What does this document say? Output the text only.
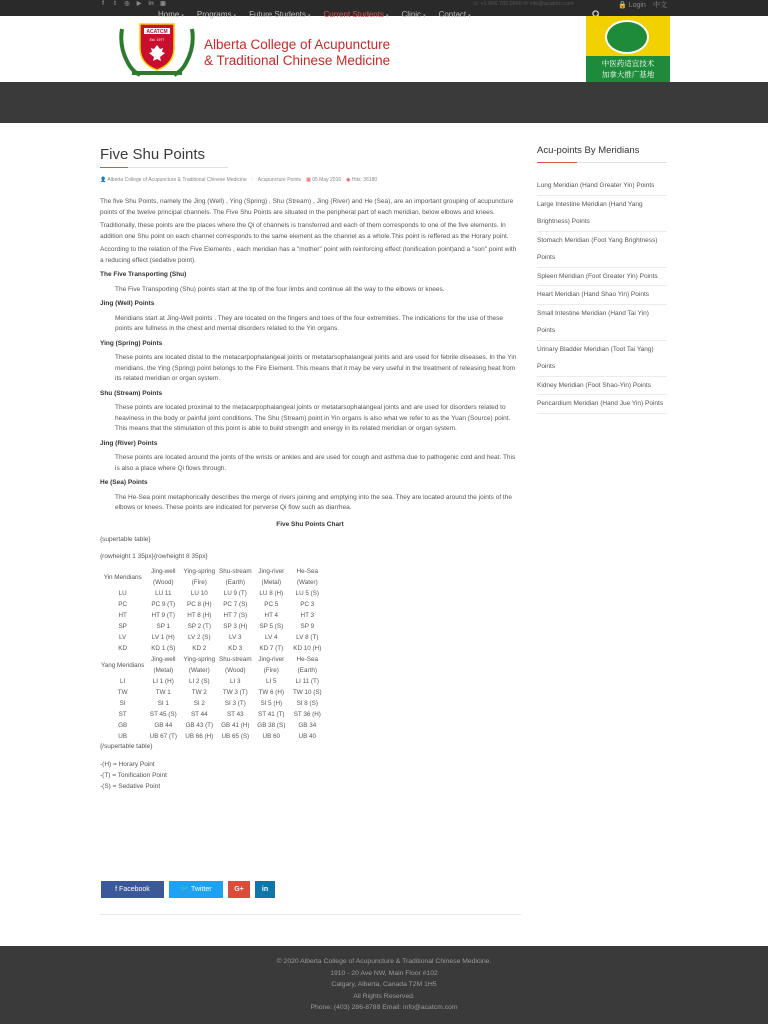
f	t	◎ ▶ in ▣	☏ +1 866 789 0900 ✉ info@acatcm.com	🔒 Login 中文
Home ▾ Programs ▾ Future Students ▾ Current Students ▾ Clinic ▾ Contact ▾
ACATCM
Est. 1977	Alberta College of Acupuncture
& Traditional Chinese Medicine	中医药适宜技术
加拿大推广基地
Five Shu Points
👤 Alberta College of Acupuncture & Traditional Chinese Medicine 🗀 Acupuncture Points ▦ 05 May 2016 ◉ Hits: 36180

The five Shu Points, namely the Jing (Well) , Ying (Spring) , Shu (Stream) , Jing (River) and He (Sea), are an important grouping of acupuncture points of the twelve principal channels. The Five Shu Points are situated in the peripheral part of each meridian, below elbows and knees.

Traditionally, these points are the places where the Qi of channels is transferred and each of them corresponds to one of the five elements. In addition one Shu point on each channel corresponds to the same element as the channel as a whole.This point is reffered as the Horary point.

According to the relation of the Five Elements , each meridian has a "mother" point with reinforcing effect (tonification point)and a "son" point with a reducing effect (sedative point).

The Five Transporting (Shu)

The Five Transporting (Shu) points start at the tip of the four limbs and continue all the way to the elbows or knees.

Jing (Well) Points

Meridians start at Jing-Well points . They are located on the fingers and toes of the four extremities. The indications for the use of these points are fullness in the chest and mental disorders related to the Yin organs.

Ying (Spring) Points

These points are located distal to the metacarpophalangeal joints or metatarsophalangeal joints and are used for febrile diseases. In the Yin meridians, the Ying (Spring) point belongs to the Fire Element. This means that it may be very useful in the treatment of releasing heat from its related meridian or organ system.

Shu (Stream) Points

These points are located proximal to the metacarpophalangeal joints or metatarsophalangeal joints and are used for disorders related to heaviness in the body or painful joint conditions. The Shu (Stream) point in Yin organs is also what we refer to as the Yuan (Source) point. This means that the stimulation of this point is able to build strength and energy in its related meridian or organ system.

Jing (River) Points

These points are located around the joints of the wrists or ankles and are used for cough and asthma due to pathogenic cold and heat. This is also a place where Qi flows through.

He (Sea) Points

The He-Sea point metaphorically describes the merge of rivers joining and emptying into the sea. They are located around the joints of the elbows or knees. These points are indicated for perverse Qi flow such as diarrhea.

Five Shu Points Chart
{supertable table}
{rowheight 1 35px}{rowheight 8 35px}
Yin Meridians	Jing-well (Wood)	Ying-spring (Fire)	Shu-stream (Earth)	Jing-river (Metal)	He-Sea (Water)
LU	LU 11	LU 10	LU 9 (T)	LU 8 (H)	LU 5 (S)
PC	PC 9 (T)	PC 8 (H)	PC 7 (S)	PC 5	PC 3
HT	HT 9 (T)	HT 8 (H)	HT 7 (S)	HT 4	HT 3
SP	SP 1	SP 2 (T)	SP 3 (H)	SP 5 (S)	SP 9
LV	LV 1 (H)	LV 2 (S)	LV 3	LV 4	LV 8 (T)
KD	KD 1 (S)	KD 2	KD 3	KD 7 (T)	KD 10 (H)
Yang Meridians	Jing-well (Metal)	Ying-spring (Water)	Shu-stream (Wood)	Jing-river (Fire)	He-Sea (Earth)
LI	LI 1 (H)	LI 2 (S)	LI 3	LI 5	LI 11 (T)
TW	TW 1	TW 2	TW 3 (T)	TW 6 (H)	TW 10 (S)
SI	SI 1	SI 2	SI 3 (T)	SI 5 (H)	SI 8 (S)
ST	ST 45 (S)	ST 44	ST 43	ST 41 (T)	ST 36 (H)
GB	GB 44	GB 43 (T)	GB 41 (H)	GB 38 (S)	GB 34
UB	UB 67 (T)	UB 66 (H)	UB 65 (S)	UB 60	UB 40
{/supertable table}
-(H) = Horary Point
-(T) = Tonification Point
-(S) = Sedative Point
f Facebook	🐦 Twitter	G+	in
Acu-points By Meridians
Lung Meridian (Hand Greater Yin) Points
Large Intestine Meridian (Hand Yang Brightness) Points
Stomach Meridian (Foot Yang Brightness) Points
Spleen Meridian (Foot Greater Yin) Points
Heart Meridian (Hand Shao Yin) Points
Small Intestine Meridian (Hand Tai Yin) Points
Urinary Bladder Meridian (Toot Tai Yang) Points
Kidney Meridian (Foot Shao-Yin) Points
Pericardium Meridian (Hand Jue Yin) Points
© 2020 Alberta College of Acupuncture & Traditional Chinese Medicine.
1910 - 20 Ave NW, Main Floor #102
Calgary, Alberta, Canada T2M 1H5
All Rights Reserved.
Phone: (403) 286-8788 Email: info@acatcm.com
